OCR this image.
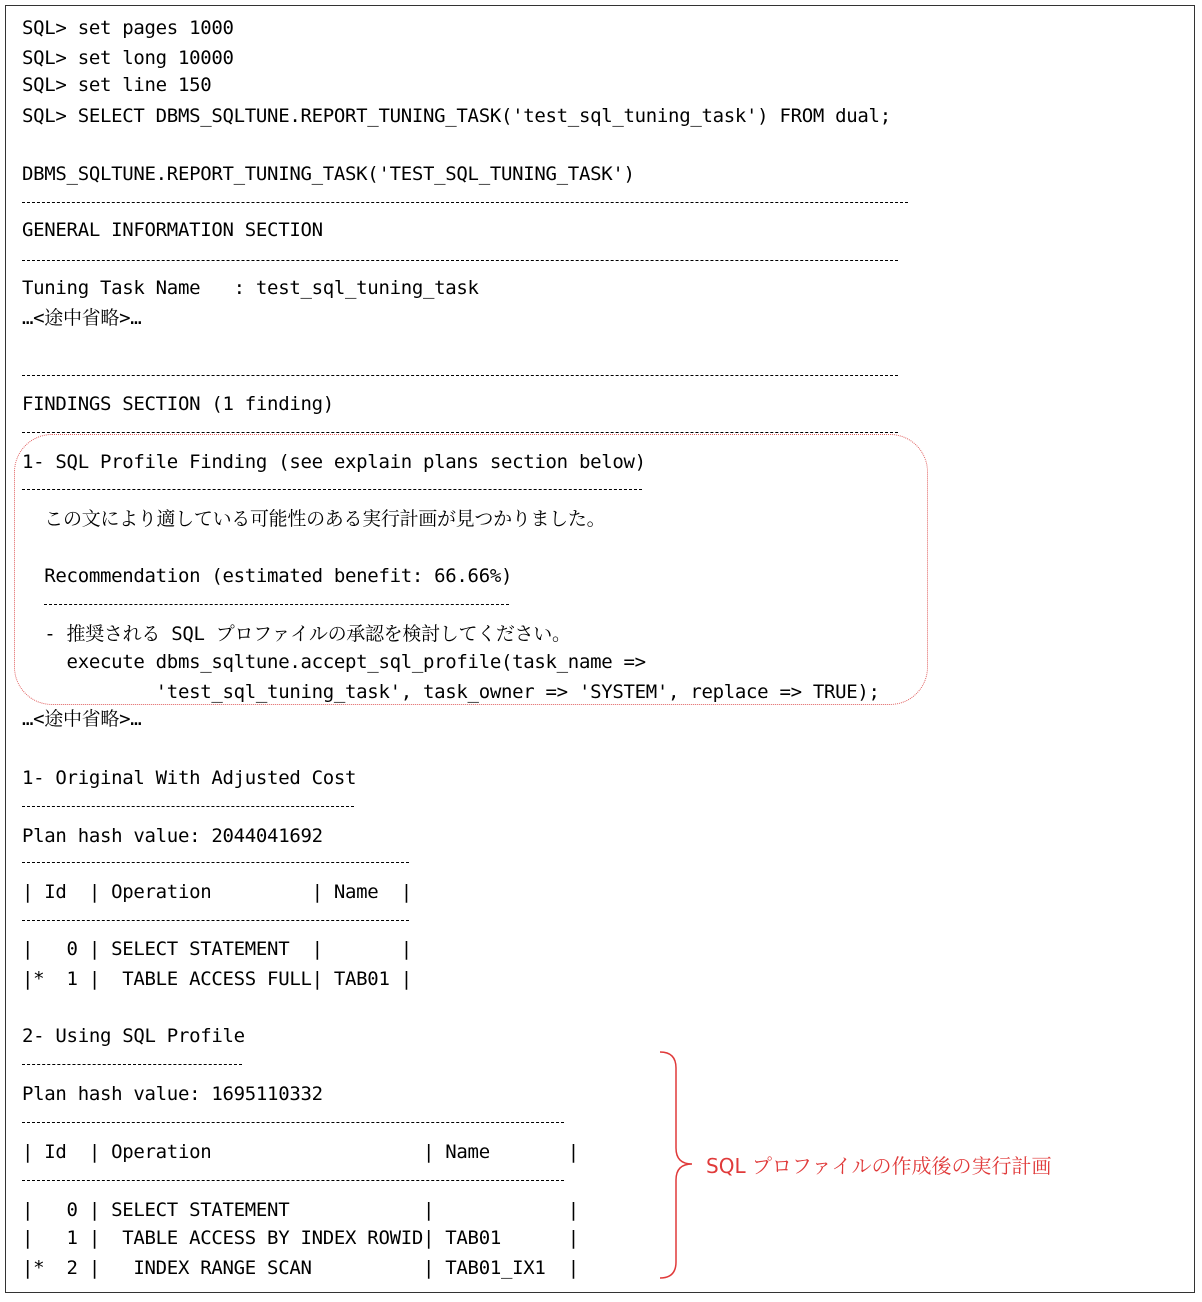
SQL> set pages 1000
SQL> set long 10000
SQL> set line 150
SQL> SELECT DBMS_SQLTUNE.REPORT_TUNING_TASK('test_sql_tuning_task') FROM dual;
DBMS_SQLTUNE.REPORT_TUNING_TASK('TEST_SQL_TUNING_TASK')
GENERAL INFORMATION SECTION
Tuning Task Name   : test_sql_tuning_task
…<途中省略>…
FINDINGS SECTION (1 finding)
1- SQL Profile Finding (see explain plans section below)
この文により適している可能性のある実行計画が見つかりました。
Recommendation (estimated benefit: 66.66%)
- 推奨される SQL プロファイルの承認を検討してください。
execute dbms_sqltune.accept_sql_profile(task_name =>
'test_sql_tuning_task', task_owner => 'SYSTEM', replace => TRUE);
…<途中省略>…
1- Original With Adjusted Cost
Plan hash value: 2044041692
| Id  | Operation         | Name  |
|   0 | SELECT STATEMENT  |       |
|*  1 |  TABLE ACCESS FULL| TAB01 |
2- Using SQL Profile
Plan hash value: 1695110332
| Id  | Operation                   | Name       |
|   0 | SELECT STATEMENT            |            |
|   1 |  TABLE ACCESS BY INDEX ROWID| TAB01      |
|*  2 |   INDEX RANGE SCAN          | TAB01_IX1  |
SQL プロファイルの作成後の実行計画
